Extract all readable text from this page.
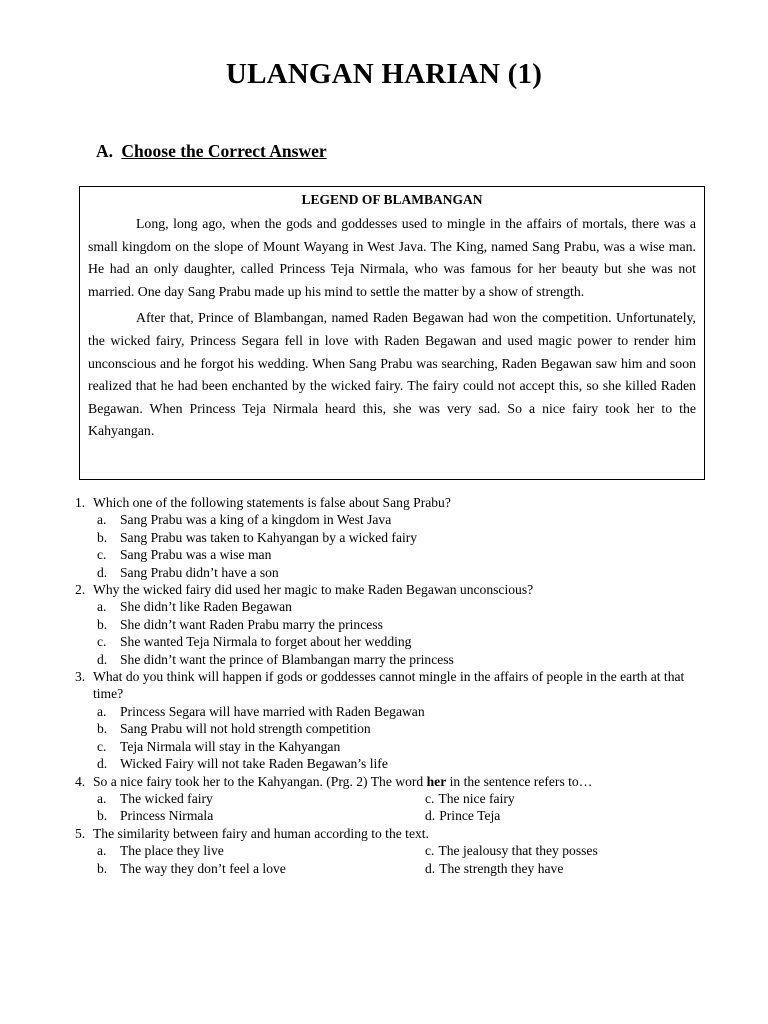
ULANGAN HARIAN (1)
A. Choose the Correct Answer
LEGEND OF BLAMBANGAN

Long, long ago, when the gods and goddesses used to mingle in the affairs of mortals, there was a small kingdom on the slope of Mount Wayang in West Java. The King, named Sang Prabu, was a wise man. He had an only daughter, called Princess Teja Nirmala, who was famous for her beauty but she was not married. One day Sang Prabu made up his mind to settle the matter by a show of strength.

After that, Prince of Blambangan, named Raden Begawan had won the competition. Unfortunately, the wicked fairy, Princess Segara fell in love with Raden Begawan and used magic power to render him unconscious and he forgot his wedding. When Sang Prabu was searching, Raden Begawan saw him and soon realized that he had been enchanted by the wicked fairy. The fairy could not accept this, so she killed Raden Begawan. When Princess Teja Nirmala heard this, she was very sad. So a nice fairy took her to the Kahyangan.

1. Which one of the following statements is false about Sang Prabu?
a. Sang Prabu was a king of a kingdom in West Java
b. Sang Prabu was taken to Kahyangan by a wicked fairy
c. Sang Prabu was a wise man
d. Sang Prabu didn’t have a son
2. Why the wicked fairy did used her magic to make Raden Begawan unconscious?
a. She didn’t like Raden Begawan
b. She didn’t want Raden Prabu marry the princess
c. She wanted Teja Nirmala to forget about her wedding
d. She didn’t want the prince of Blambangan marry the princess
3. What do you think will happen if gods or goddesses cannot mingle in the affairs of people in the earth at that time?
a. Princess Segara will have married with Raden Begawan
b. Sang Prabu will not hold strength competition
c. Teja Nirmala will stay in the Kahyangan
d. Wicked Fairy will not take Raden Begawan’s life
4. So a nice fairy took her to the Kahyangan. (Prg. 2) The word her in the sentence refers to…
a. The wicked fairy	c. The nice fairy
b. Princess Nirmala	d. Prince Teja
5. The similarity between fairy and human according to the text.
a. The place they live	c. The jealousy that they posses
b. The way they don’t feel a love	d. The strength they have
